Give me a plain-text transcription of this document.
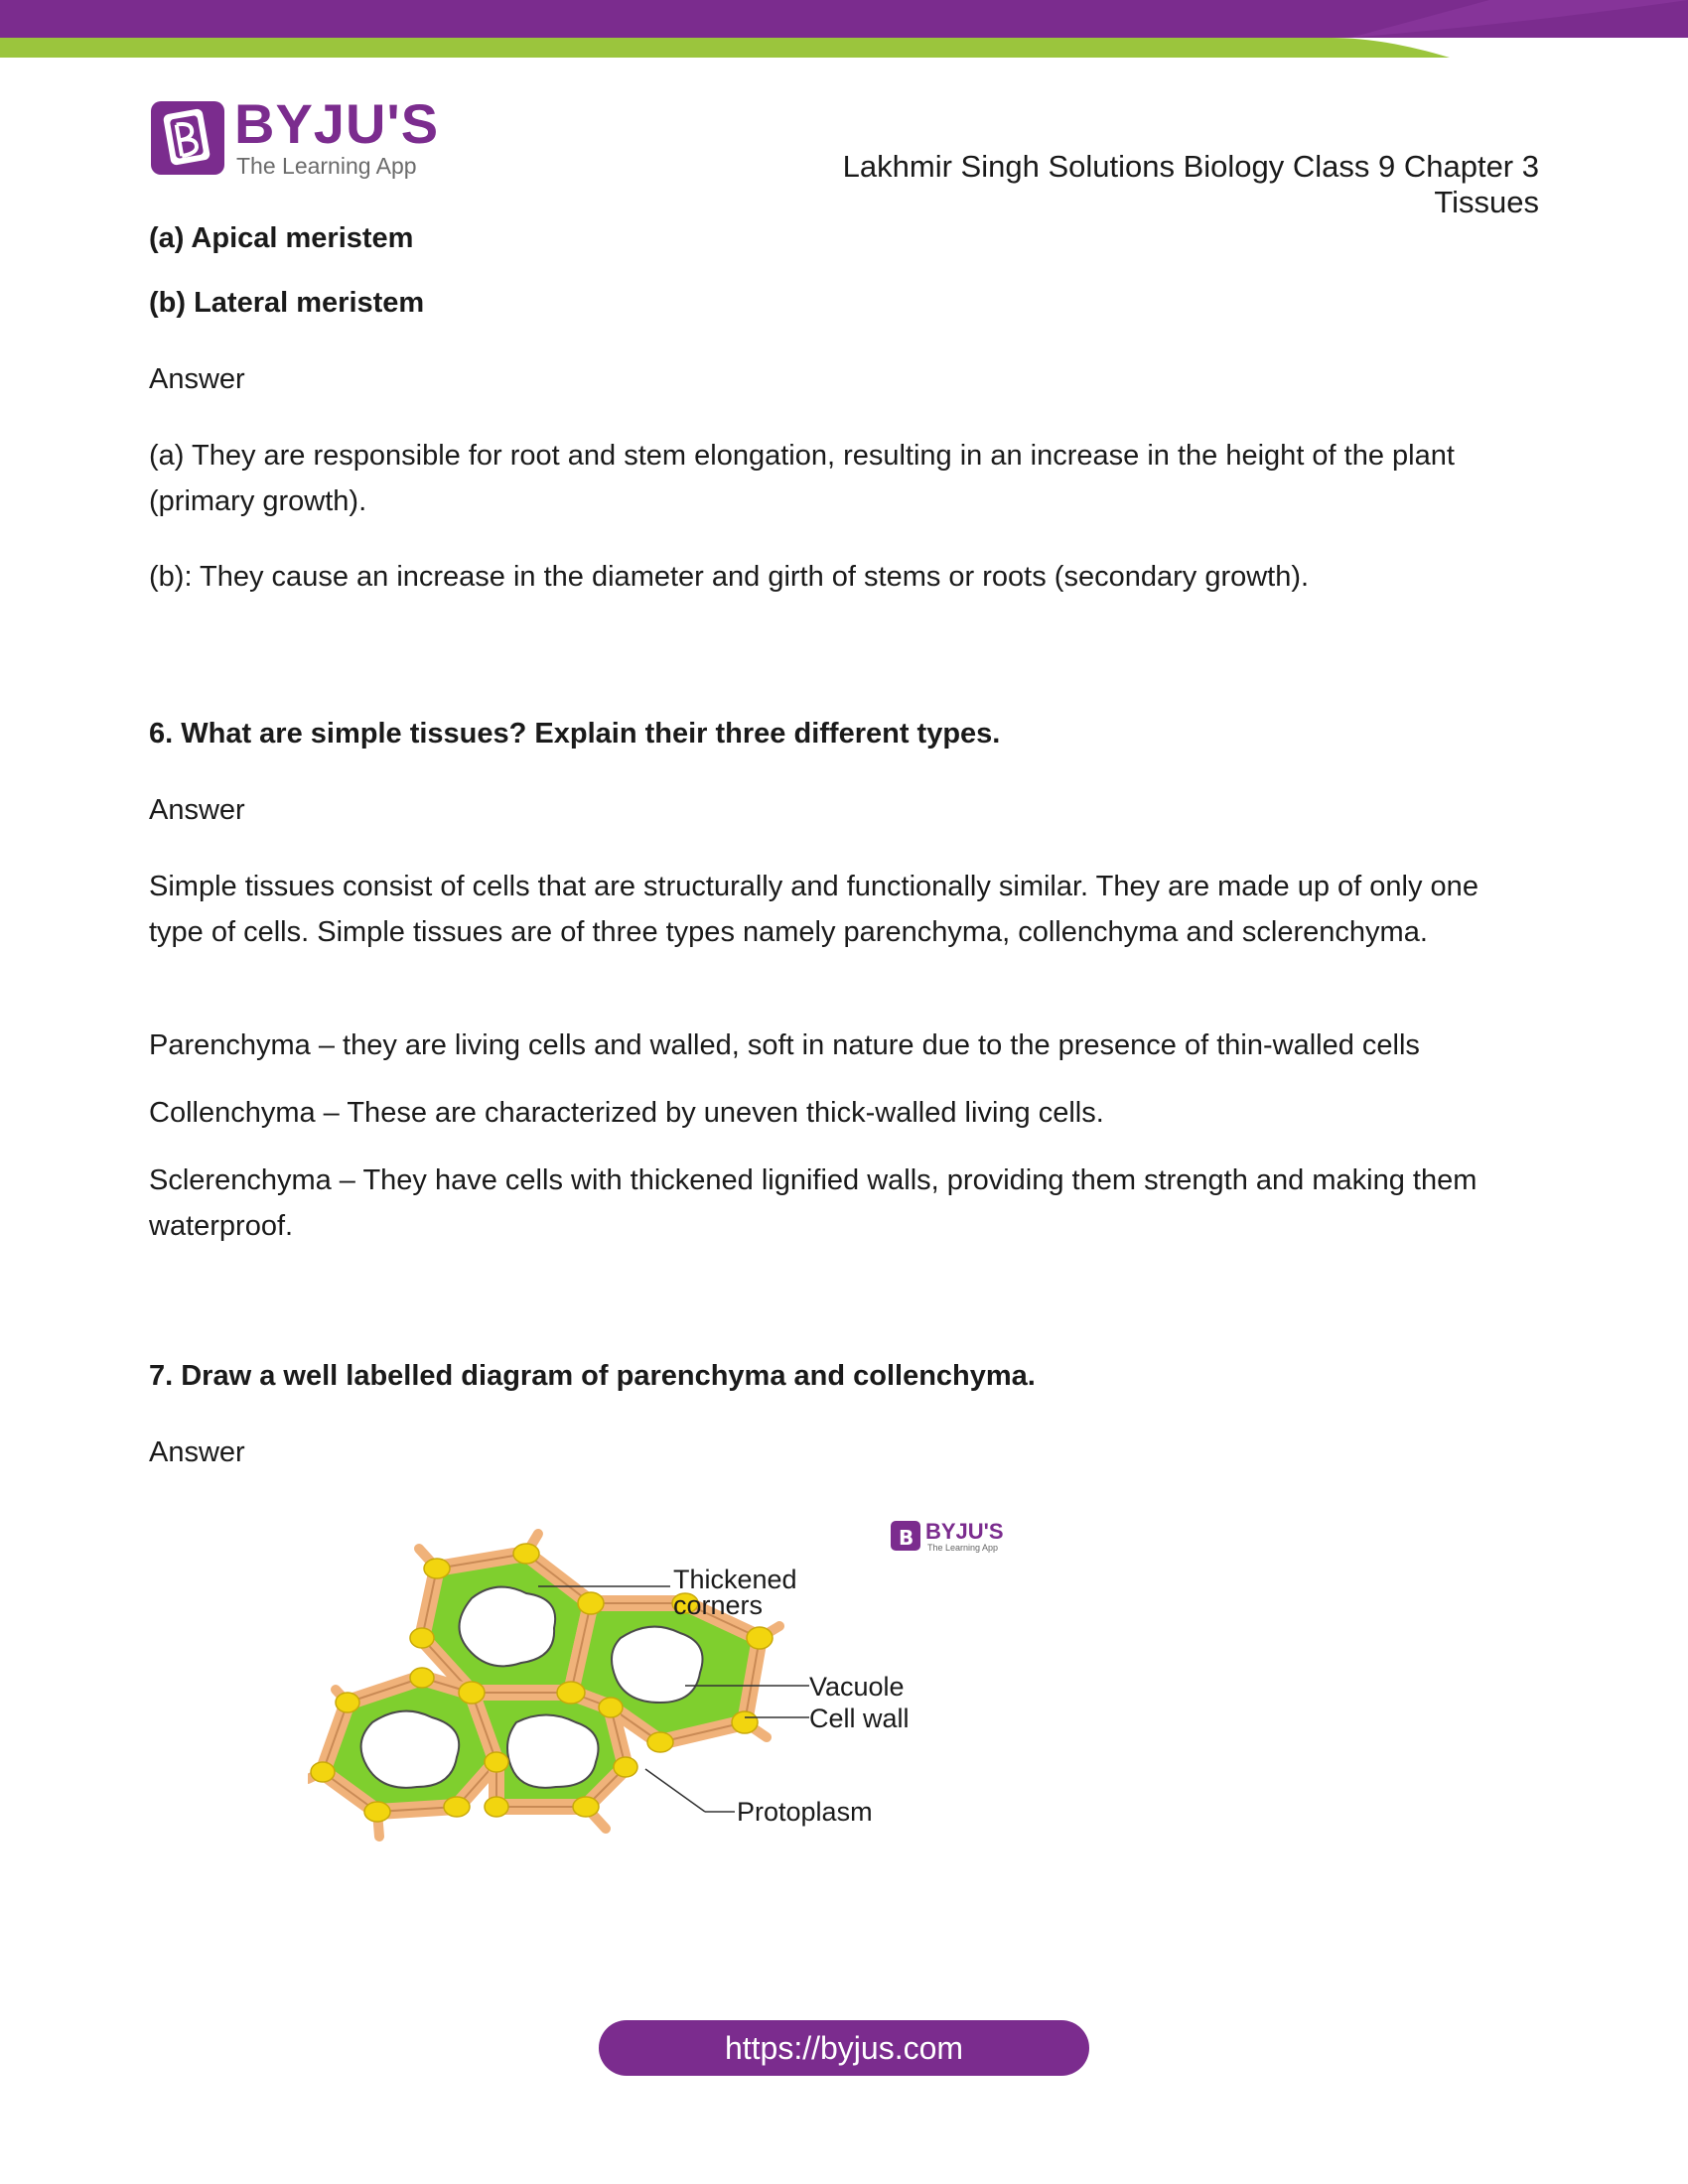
BYJU'S
The Learning App	Lakhmir Singh Solutions Biology Class 9 Chapter 3 Tissues
(a) Apical meristem
(b) Lateral meristem
Answer
(a) They are responsible for root and stem elongation, resulting in an increase in the height of the plant (primary growth).
(b): They cause an increase in the diameter and girth of stems or roots (secondary growth).
6. What are simple tissues? Explain their three different types.
Answer
Simple tissues consist of cells that are structurally and functionally similar. They are made up of only one type of cells. Simple tissues are of three types namely parenchyma, collenchyma and sclerenchyma.
Parenchyma – they are living cells and walled, soft in nature due to the presence of thin-walled cells
Collenchyma – These are characterized by uneven thick-walled living cells.
Sclerenchyma – They have cells with thickened lignified walls, providing them strength and making them waterproof.
7. Draw a well labelled diagram of parenchyma and collenchyma.
Answer
B BYJU'S
The Learning App
Thickened
corners
Vacuole
Cell wall
Protoplasm
https://byjus.com
